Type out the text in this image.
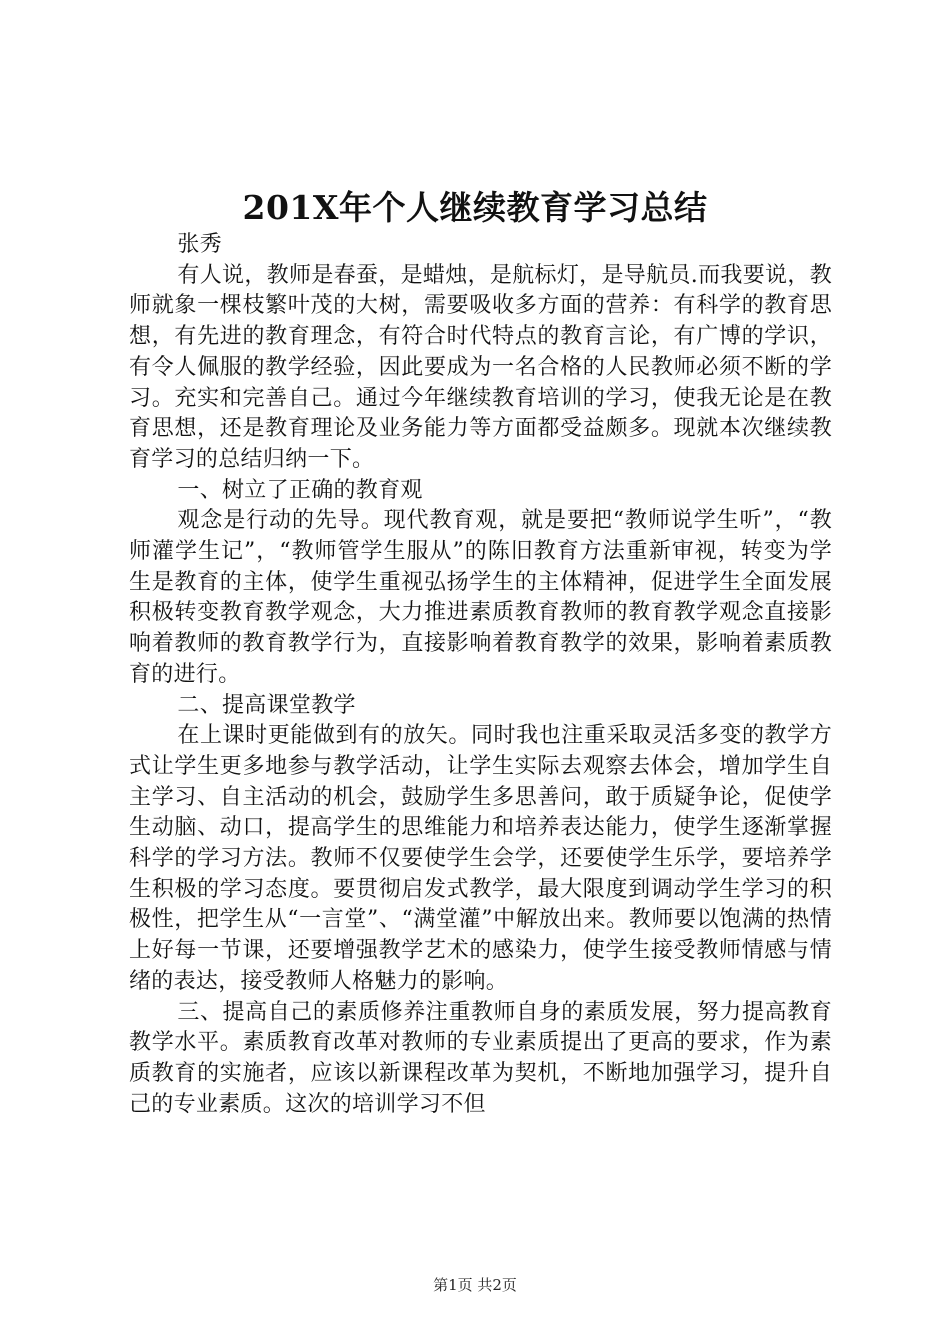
201X年个人继续教育学习总结

张秀

有人说，教师是春蚕，是蜡烛，是航标灯，是导航员.而我要说，教师就象一棵枝繁叶茂的大树，需要吸收多方面的营养：有科学的教育思想，有先进的教育理念，有符合时代特点的教育言论，有广博的学识，有令人佩服的教学经验，因此要成为一名合格的人民教师必须不断的学习。充实和完善自己。通过今年继续教育培训的学习，使我无论是在教育思想，还是教育理论及业务能力等方面都受益颇多。现就本次继续教育学习的总结归纳一下。

一、树立了正确的教育观

观念是行动的先导。现代教育观，就是要把“教师说学生听”，“教师灌学生记”，“教师管学生服从”的陈旧教育方法重新审视，转变为学生是教育的主体，使学生重视弘扬学生的主体精神，促进学生全面发展积极转变教育教学观念，大力推进素质教育教师的教育教学观念直接影响着教师的教育教学行为，直接影响着教育教学的效果，影响着素质教育的进行。

二、提高课堂教学

在上课时更能做到有的放矢。同时我也注重采取灵活多变的教学方式让学生更多地参与教学活动，让学生实际去观察去体会，增加学生自主学习、自主活动的机会，鼓励学生多思善问，敢于质疑争论，促使学生动脑、动口，提高学生的思维能力和培养表达能力，使学生逐渐掌握科学的学习方法。教师不仅要使学生会学，还要使学生乐学，要培养学生积极的学习态度。要贯彻启发式教学，最大限度到调动学生学习的积极性，把学生从“一言堂”、“满堂灌”中解放出来。教师要以饱满的热情上好每一节课，还要增强教学艺术的感染力，使学生接受教师情感与情绪的表达，接受教师人格魅力的影响。

三、提高自己的素质修养注重教师自身的素质发展，努力提高教育教学水平。素质教育改革对教师的专业素质提出了更高的要求，作为素质教育的实施者，应该以新课程改革为契机，不断地加强学习，提升自己的专业素质。这次的培训学习不但

第1页 共2页
